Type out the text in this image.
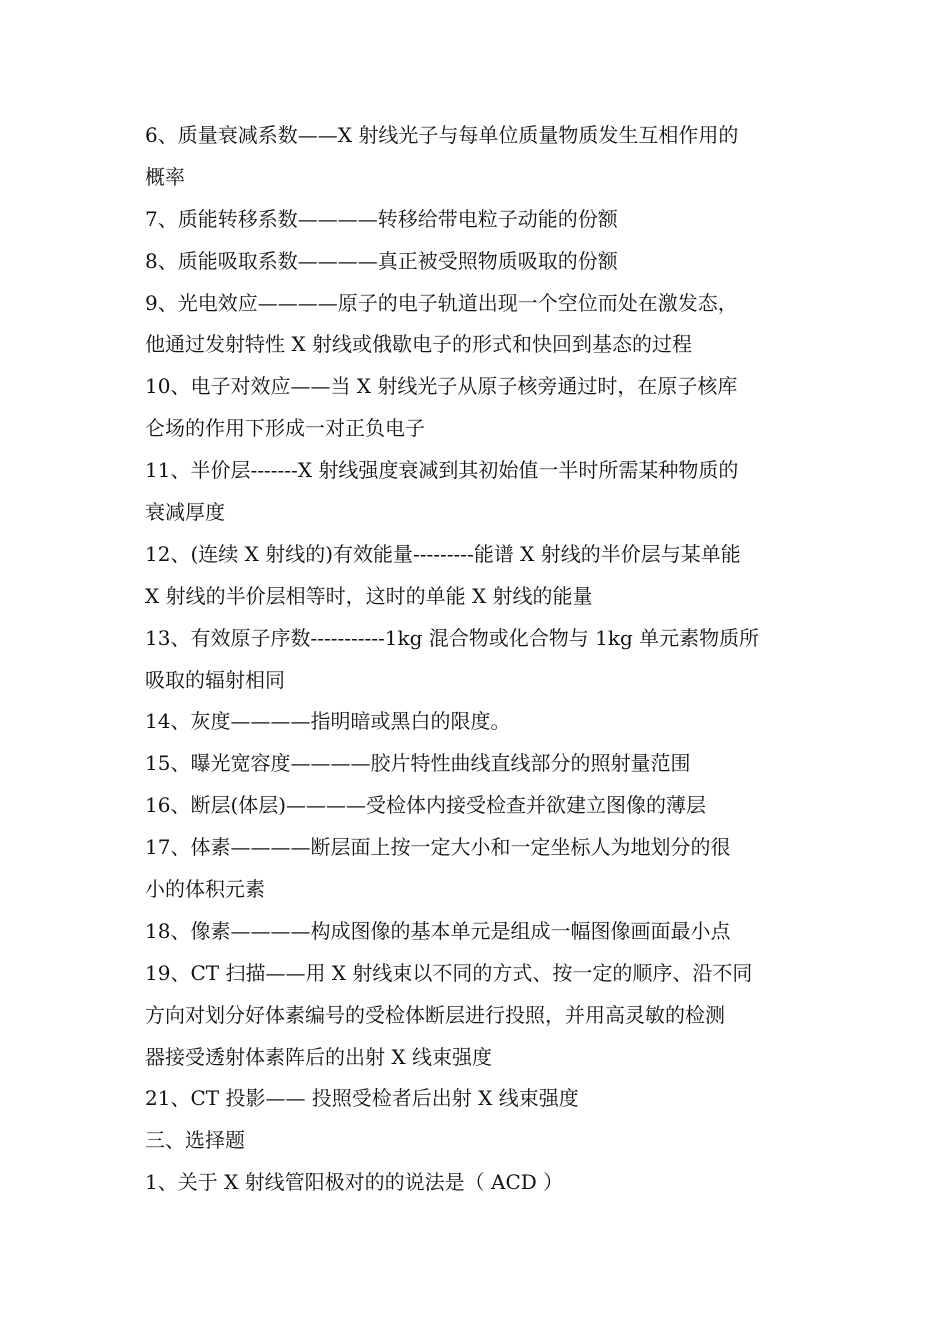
6、质量衰减系数——X 射线光子与每单位质量物质发生互相作用的
概率
7、质能转移系数————转移给带电粒子动能的份额
8、质能吸取系数————真正被受照物质吸取的份额
9、光电效应————原子的电子轨道出现一个空位而处在激发态，
他通过发射特性 X 射线或俄歇电子的形式和快回到基态的过程
10、电子对效应——当 X 射线光子从原子核旁通过时，在原子核库
仑场的作用下形成一对正负电子
11、半价层-------X 射线强度衰减到其初始值一半时所需某种物质的
衰减厚度
12、(连续 X 射线的)有效能量---------能谱 X 射线的半价层与某单能
X 射线的半价层相等时，这时的单能 X 射线的能量
13、有效原子序数-----------1kg 混合物或化合物与 1kg 单元素物质所
吸取的辐射相同
14、灰度————指明暗或黑白的限度。
15、曝光宽容度————胶片特性曲线直线部分的照射量范围
16、断层(体层)————受检体内接受检查并欲建立图像的薄层
17、体素————断层面上按一定大小和一定坐标人为地划分的很
小的体积元素
18、像素————构成图像的基本单元是组成一幅图像画面最小点
19、CT 扫描——用 X 射线束以不同的方式、按一定的顺序、沿不同
方向对划分好体素编号的受检体断层进行投照，并用高灵敏的检测
器接受透射体素阵后的出射 X 线束强度
21、CT 投影—— 投照受检者后出射 X 线束强度
三、选择题
1、关于 X 射线管阳极对的的说法是（ ACD ）
